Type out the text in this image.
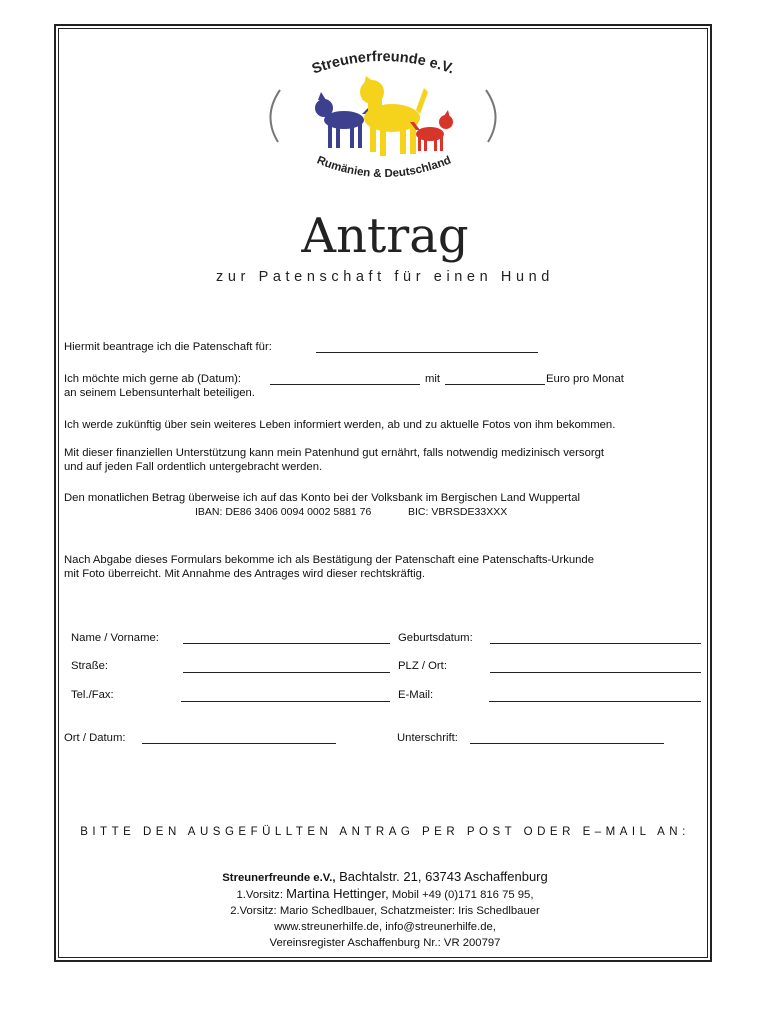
Streunerfreunde e.V.
Rumänien & Deutschland
Antrag
zur Patenschaft für einen Hund
Hiermit beantrage ich die Patenschaft für:
Ich möchte mich gerne ab (Datum):	mit	Euro pro Monat
an seinem Lebensunterhalt beteiligen.
Ich werde zukünftig über sein weiteres Leben informiert werden, ab und zu aktuelle Fotos von ihm bekommen.
Mit dieser finanziellen Unterstützung kann mein Patenhund gut ernährt, falls notwendig medizinisch versorgt
und auf jeden Fall ordentlich untergebracht werden.
Den monatlichen Betrag überweise ich auf das Konto bei der Volksbank im Bergischen Land Wuppertal
IBAN: DE86 3406 0094 0002 5881 76	BIC: VBRSDE33XXX
Nach Abgabe dieses Formulars bekomme ich als Bestätigung der Patenschaft eine Patenschafts-Urkunde
mit Foto überreicht. Mit Annahme des Antrages wird dieser rechtskräftig.
Name / Vorname:	Geburtsdatum:
Straße:	PLZ / Ort:
Tel./Fax:	E-Mail:
Ort / Datum:	Unterschrift:
BITTE DEN AUSGEFÜLLTEN ANTRAG PER POST ODER E–MAIL AN:
Streunerfreunde e.V., Bachtalstr. 21, 63743 Aschaffenburg
1.Vorsitz: Martina Hettinger, Mobil +49 (0)171 816 75 95,
2.Vorsitz: Mario Schedlbauer, Schatzmeister: Iris Schedlbauer
www.streunerhilfe.de, info@streunerhilfe.de,
Vereinsregister Aschaffenburg Nr.: VR 200797
